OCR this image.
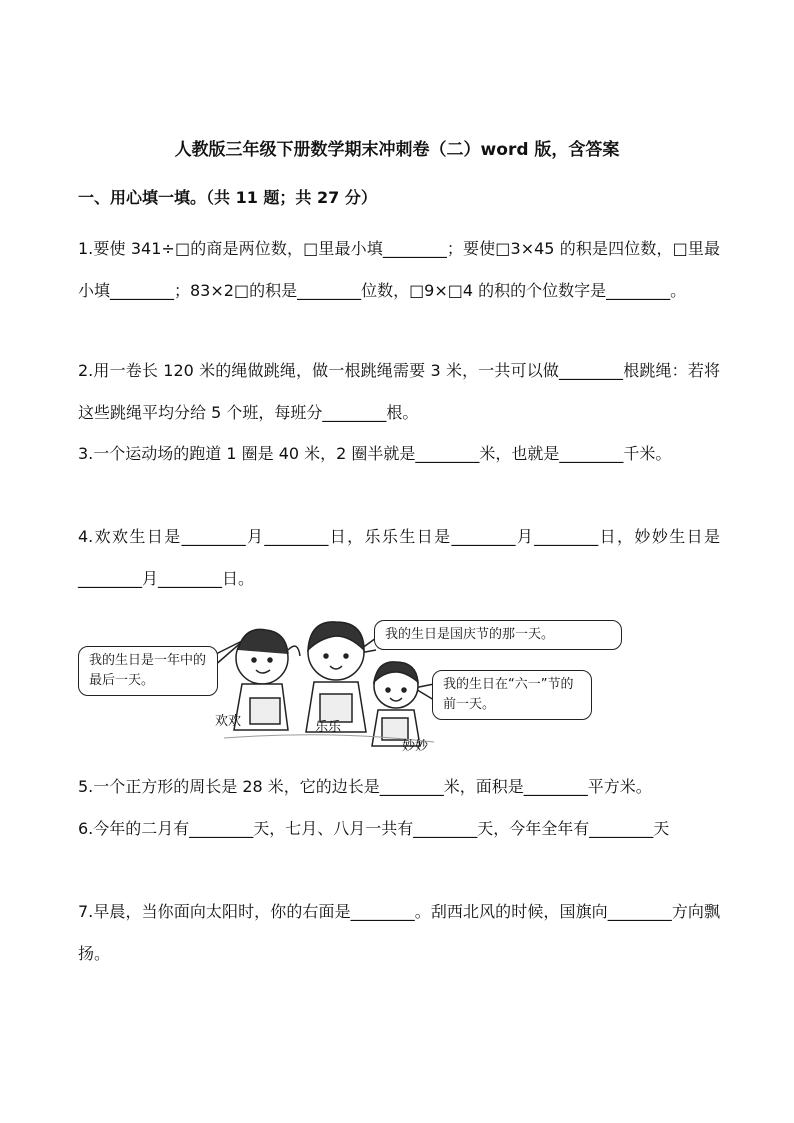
人教版三年级下册数学期末冲刺卷（二）word 版，含答案
一、用心填一填。（共 11 题；共 27 分）
1.要使 341÷□的商是两位数，□里最小填________；要使□3×45 的积是四位数，□里最小填________；83×2□的积是________位数，□9×□4 的积的个位数字是________。
2.用一卷长 120 米的绳做跳绳，做一根跳绳需要 3 米，一共可以做________根跳绳：若将这些跳绳平均分给 5 个班，每班分________根。
3.一个运动场的跑道 1 圈是 40 米，2 圈半就是________米，也就是________千米。
4.欢欢生日是________月________日，乐乐生日是________月________日，妙妙生日是________月________日。
我的生日是一年中的最后一天。
我的生日是国庆节的那一天。
我的生日在“六一”节的前一天。
欢欢	乐乐
妙妙
5.一个正方形的周长是 28 米，它的边长是________米，面积是________平方米。
6.今年的二月有________天，七月、八月一共有________天，今年全年有________天
7.早晨，当你面向太阳时，你的右面是________。刮西北风的时候，国旗向________方向飘扬。
